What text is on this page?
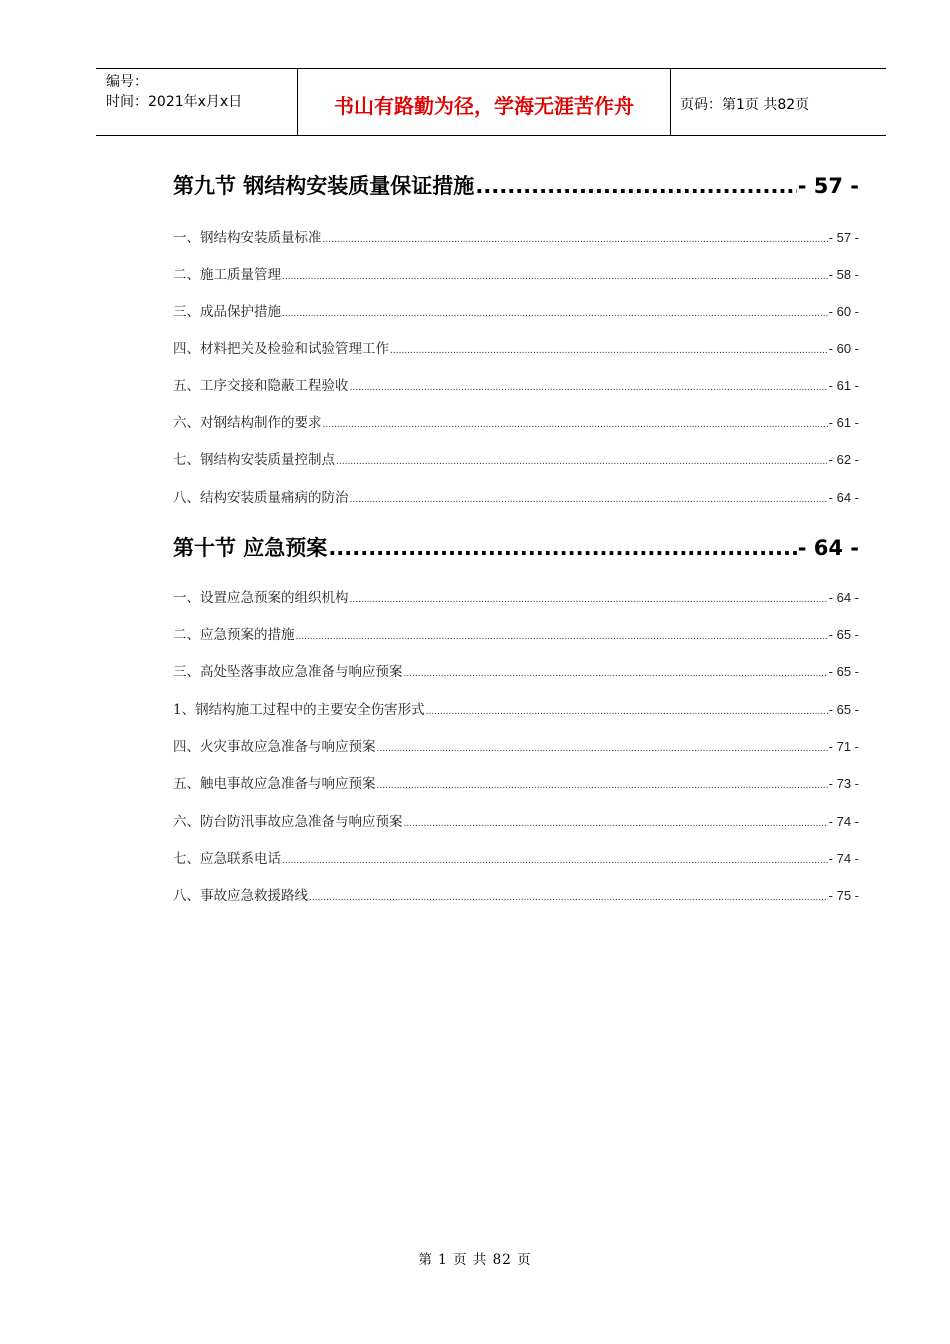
编号：
时间：2021年x月x日	书山有路勤为径，学海无涯苦作舟	页码：第1页 共82页
第九节 钢结构安装质量保证措施 .....	- 57 -
一、钢结构安装质量标准 .....	- 57 -
二、施工质量管理 .....	- 58 -
三、成品保护措施 .....	- 60 -
四、材料把关及检验和试验管理工作 .....	- 60 -
五、工序交接和隐蔽工程验收 .....	- 61 -
六、对钢结构制作的要求 .....	- 61 -
七、钢结构安装质量控制点 .....	- 62 -
八、结构安装质量痛病的防治 .....	- 64 -
第十节 应急预案 .....	- 64 -
一、设置应急预案的组织机构 .....	- 64 -
二、应急预案的措施 .....	- 65 -
三、高处坠落事故应急准备与响应预案 .....	- 65 -
1、钢结构施工过程中的主要安全伤害形式 .....	- 65 -
四、火灾事故应急准备与响应预案 .....	- 71 -
五、触电事故应急准备与响应预案 .....	- 73 -
六、防台防汛事故应急准备与响应预案 .....	- 74 -
七、应急联系电话 .....	- 74 -
八、事故应急救援路线 .....	- 75 -
第 1 页 共 82 页
